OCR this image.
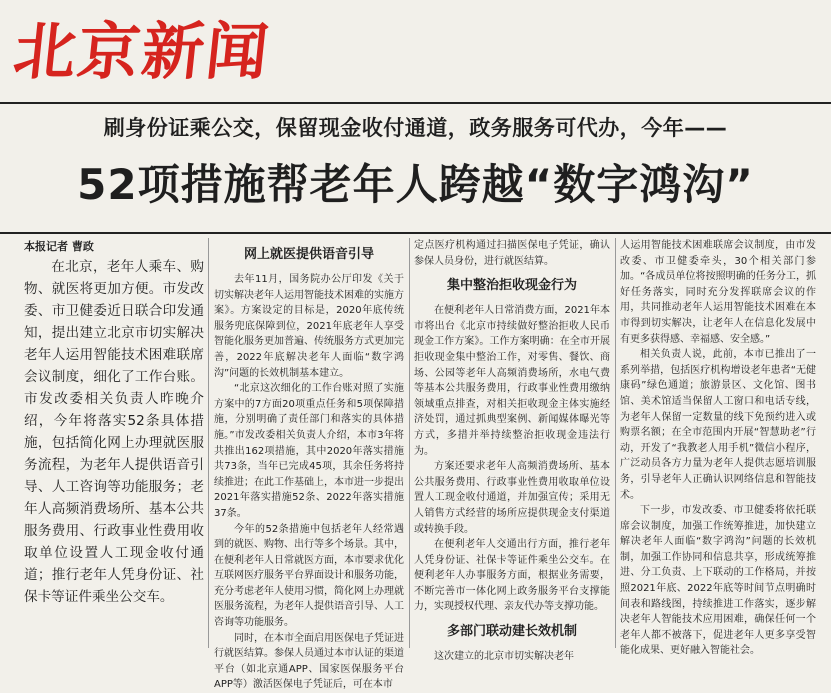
北京新闻
刷身份证乘公交，保留现金收付通道，政务服务可代办，今年——
52项措施帮老年人跨越“数字鸿沟”

本报记者 曹政

在北京，老年人乘车、购物、就医将更加方便。市发改委、市卫健委近日联合印发通知，提出建立北京市切实解决老年人运用智能技术困难联席会议制度，细化了工作台账。市发改委相关负责人昨晚介绍，今年将落实52条具体措施，包括简化网上办理就医服务流程，为老年人提供语音引导、人工咨询等功能服务；老年人高频消费场所、基本公共服务费用、行政事业性费用收取单位设置人工现金收付通道；推行老年人凭身份证、社保卡等证件乘坐公交车。

网上就医提供语音引导

去年11月，国务院办公厅印发《关于切实解决老年人运用智能技术困难的实施方案》。方案设定的目标是，2020年底传统服务兜底保障到位，2021年底老年人享受智能化服务更加普遍、传统服务方式更加完善，2022年底解决老年人面临“数字鸿沟”问题的长效机制基本建立。

“北京这次细化的工作台账对照了实施方案中的7方面20项重点任务和5项保障措施，分别明确了责任部门和落实的具体措施。”市发改委相关负责人介绍，本市3年将共推出162项措施，其中2020年落实措施共73条，当年已完成45项，其余任务将持续推进；在此工作基础上，本市进一步提出2021年落实措施52条、2022年落实措施37条。

今年的52条措施中包括老年人经常遇到的就医、购物、出行等多个场景。其中，在便利老年人日常就医方面，本市要求优化互联网医疗服务平台界面设计和服务功能，充分考虑老年人使用习惯，简化网上办理就医服务流程，为老年人提供语音引导、人工咨询等功能服务。

同时，在本市全面启用医保电子凭证进行就医结算。参保人员通过本市认证的渠道平台（如北京通APP、国家医保服务平台APP等）激活医保电子凭证后，可在本市

定点医疗机构通过扫描医保电子凭证，确认参保人员身份，进行就医结算。

集中整治拒收现金行为

在便利老年人日常消费方面，2021年本市将出台《北京市持续做好整治拒收人民币现金工作方案》。工作方案明确：在全市开展拒收现金集中整治工作，对零售、餐饮、商场、公园等老年人高频消费场所，水电气费等基本公共服务费用，行政事业性费用缴纳领域重点排查，对相关拒收现金主体实施经济处罚，通过抓典型案例、新闻媒体曝光等方式，多措并举持续整治拒收现金违法行为。

方案还要求老年人高频消费场所、基本公共服务费用、行政事业性费用收取单位设置人工现金收付通道，并加强宣传；采用无人销售方式经营的场所应提供现金支付渠道或转换手段。

在便利老年人交通出行方面，推行老年人凭身份证、社保卡等证件乘坐公交车。在便利老年人办事服务方面，根据业务需要，不断完善市一体化网上政务服务平台支撑能力，实现授权代理、亲友代办等支撑功能。

多部门联动建长效机制

这次建立的北京市切实解决老年

人运用智能技术困难联席会议制度，由市发改委、市卫健委牵头，30个相关部门参加。“各成员单位将按照明确的任务分工，抓好任务落实，同时充分发挥联席会议的作用，共同推动老年人运用智能技术困难在本市得到切实解决，让老年人在信息化发展中有更多获得感、幸福感、安全感。”

相关负责人说，此前，本市已推出了一系列举措，包括医疗机构增设老年患者“无健康码”绿色通道；旅游景区、文化馆、图书馆、美术馆适当保留人工窗口和电话专线，为老年人保留一定数量的线下免预约进入或购票名额；在全市范围内开展“智慧助老”行动，开发了“我教老人用手机”微信小程序，广泛动员各方力量为老年人提供志愿培训服务，引导老年人正确认识网络信息和智能技术。

下一步，市发改委、市卫健委将依托联席会议制度，加强工作统筹推进，加快建立解决老年人面临“数字鸿沟”问题的长效机制，加强工作协同和信息共享，形成统筹推进、分工负责、上下联动的工作格局，并按照2021年底、2022年底等时间节点明确时间表和路线图，持续推进工作落实，逐步解决老年人智能技术应用困难，确保任何一个老年人都不被落下，促进老年人更多享受智能化成果、更好融入智能社会。
